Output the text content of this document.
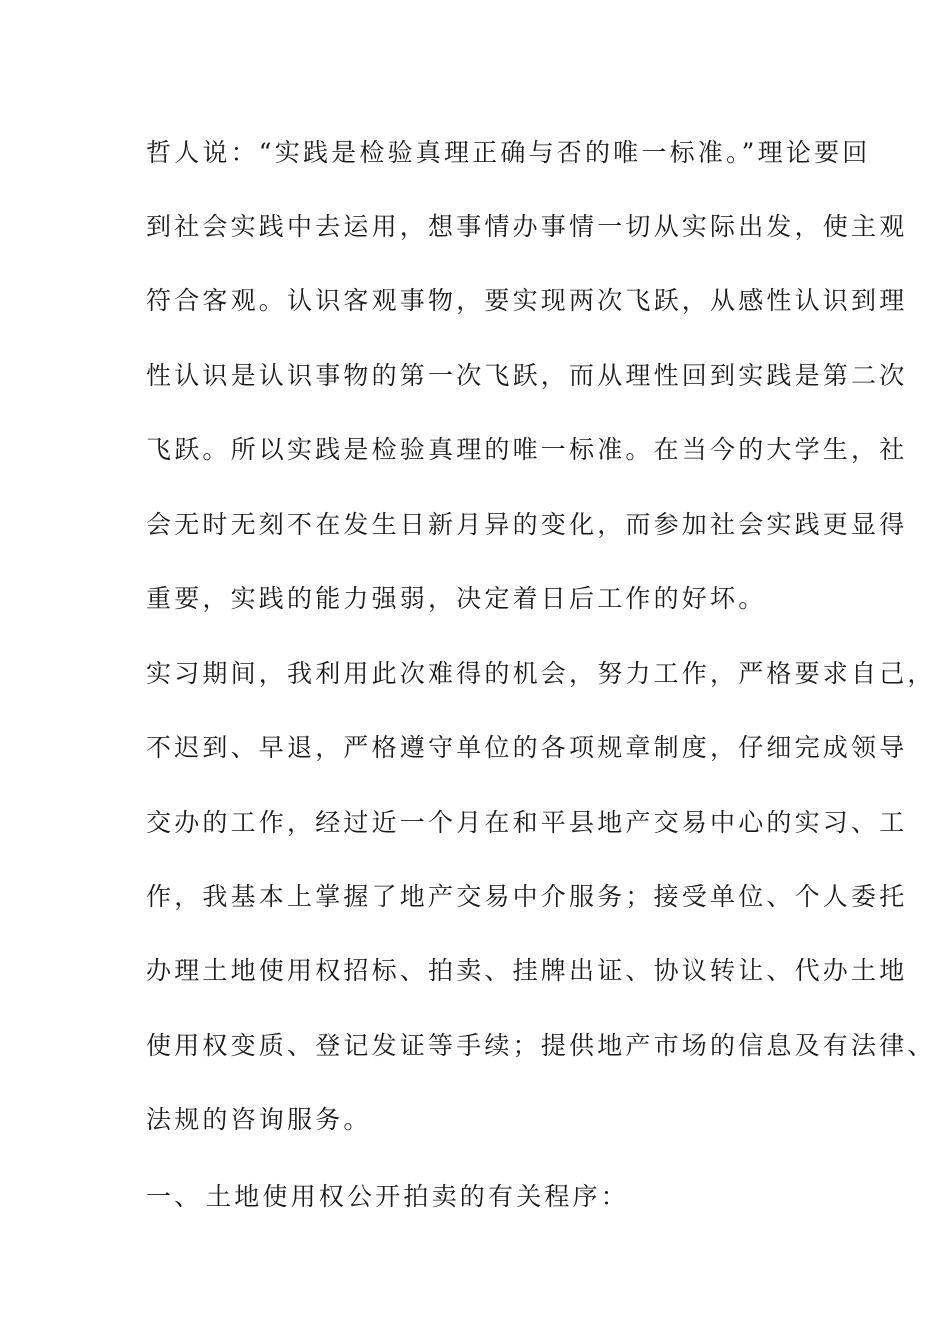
哲人说：“实践是检验真理正确与否的唯一标准。”理论要回
到社会实践中去运用，想事情办事情一切从实际出发，使主观
符合客观。认识客观事物，要实现两次飞跃，从感性认识到理
性认识是认识事物的第一次飞跃，而从理性回到实践是第二次
飞跃。所以实践是检验真理的唯一标准。在当今的大学生，社
会无时无刻不在发生日新月异的变化，而参加社会实践更显得
重要，实践的能力强弱，决定着日后工作的好坏。
实习期间，我利用此次难得的机会，努力工作，严格要求自己，
不迟到、早退，严格遵守单位的各项规章制度，仔细完成领导
交办的工作，经过近一个月在和平县地产交易中心的实习、工
作，我基本上掌握了地产交易中介服务；接受单位、个人委托
办理土地使用权招标、拍卖、挂牌出证、协议转让、代办土地
使用权变质、登记发证等手续；提供地产市场的信息及有法律、
法规的咨询服务。
一、 土地使用权公开拍卖的有关程序：
